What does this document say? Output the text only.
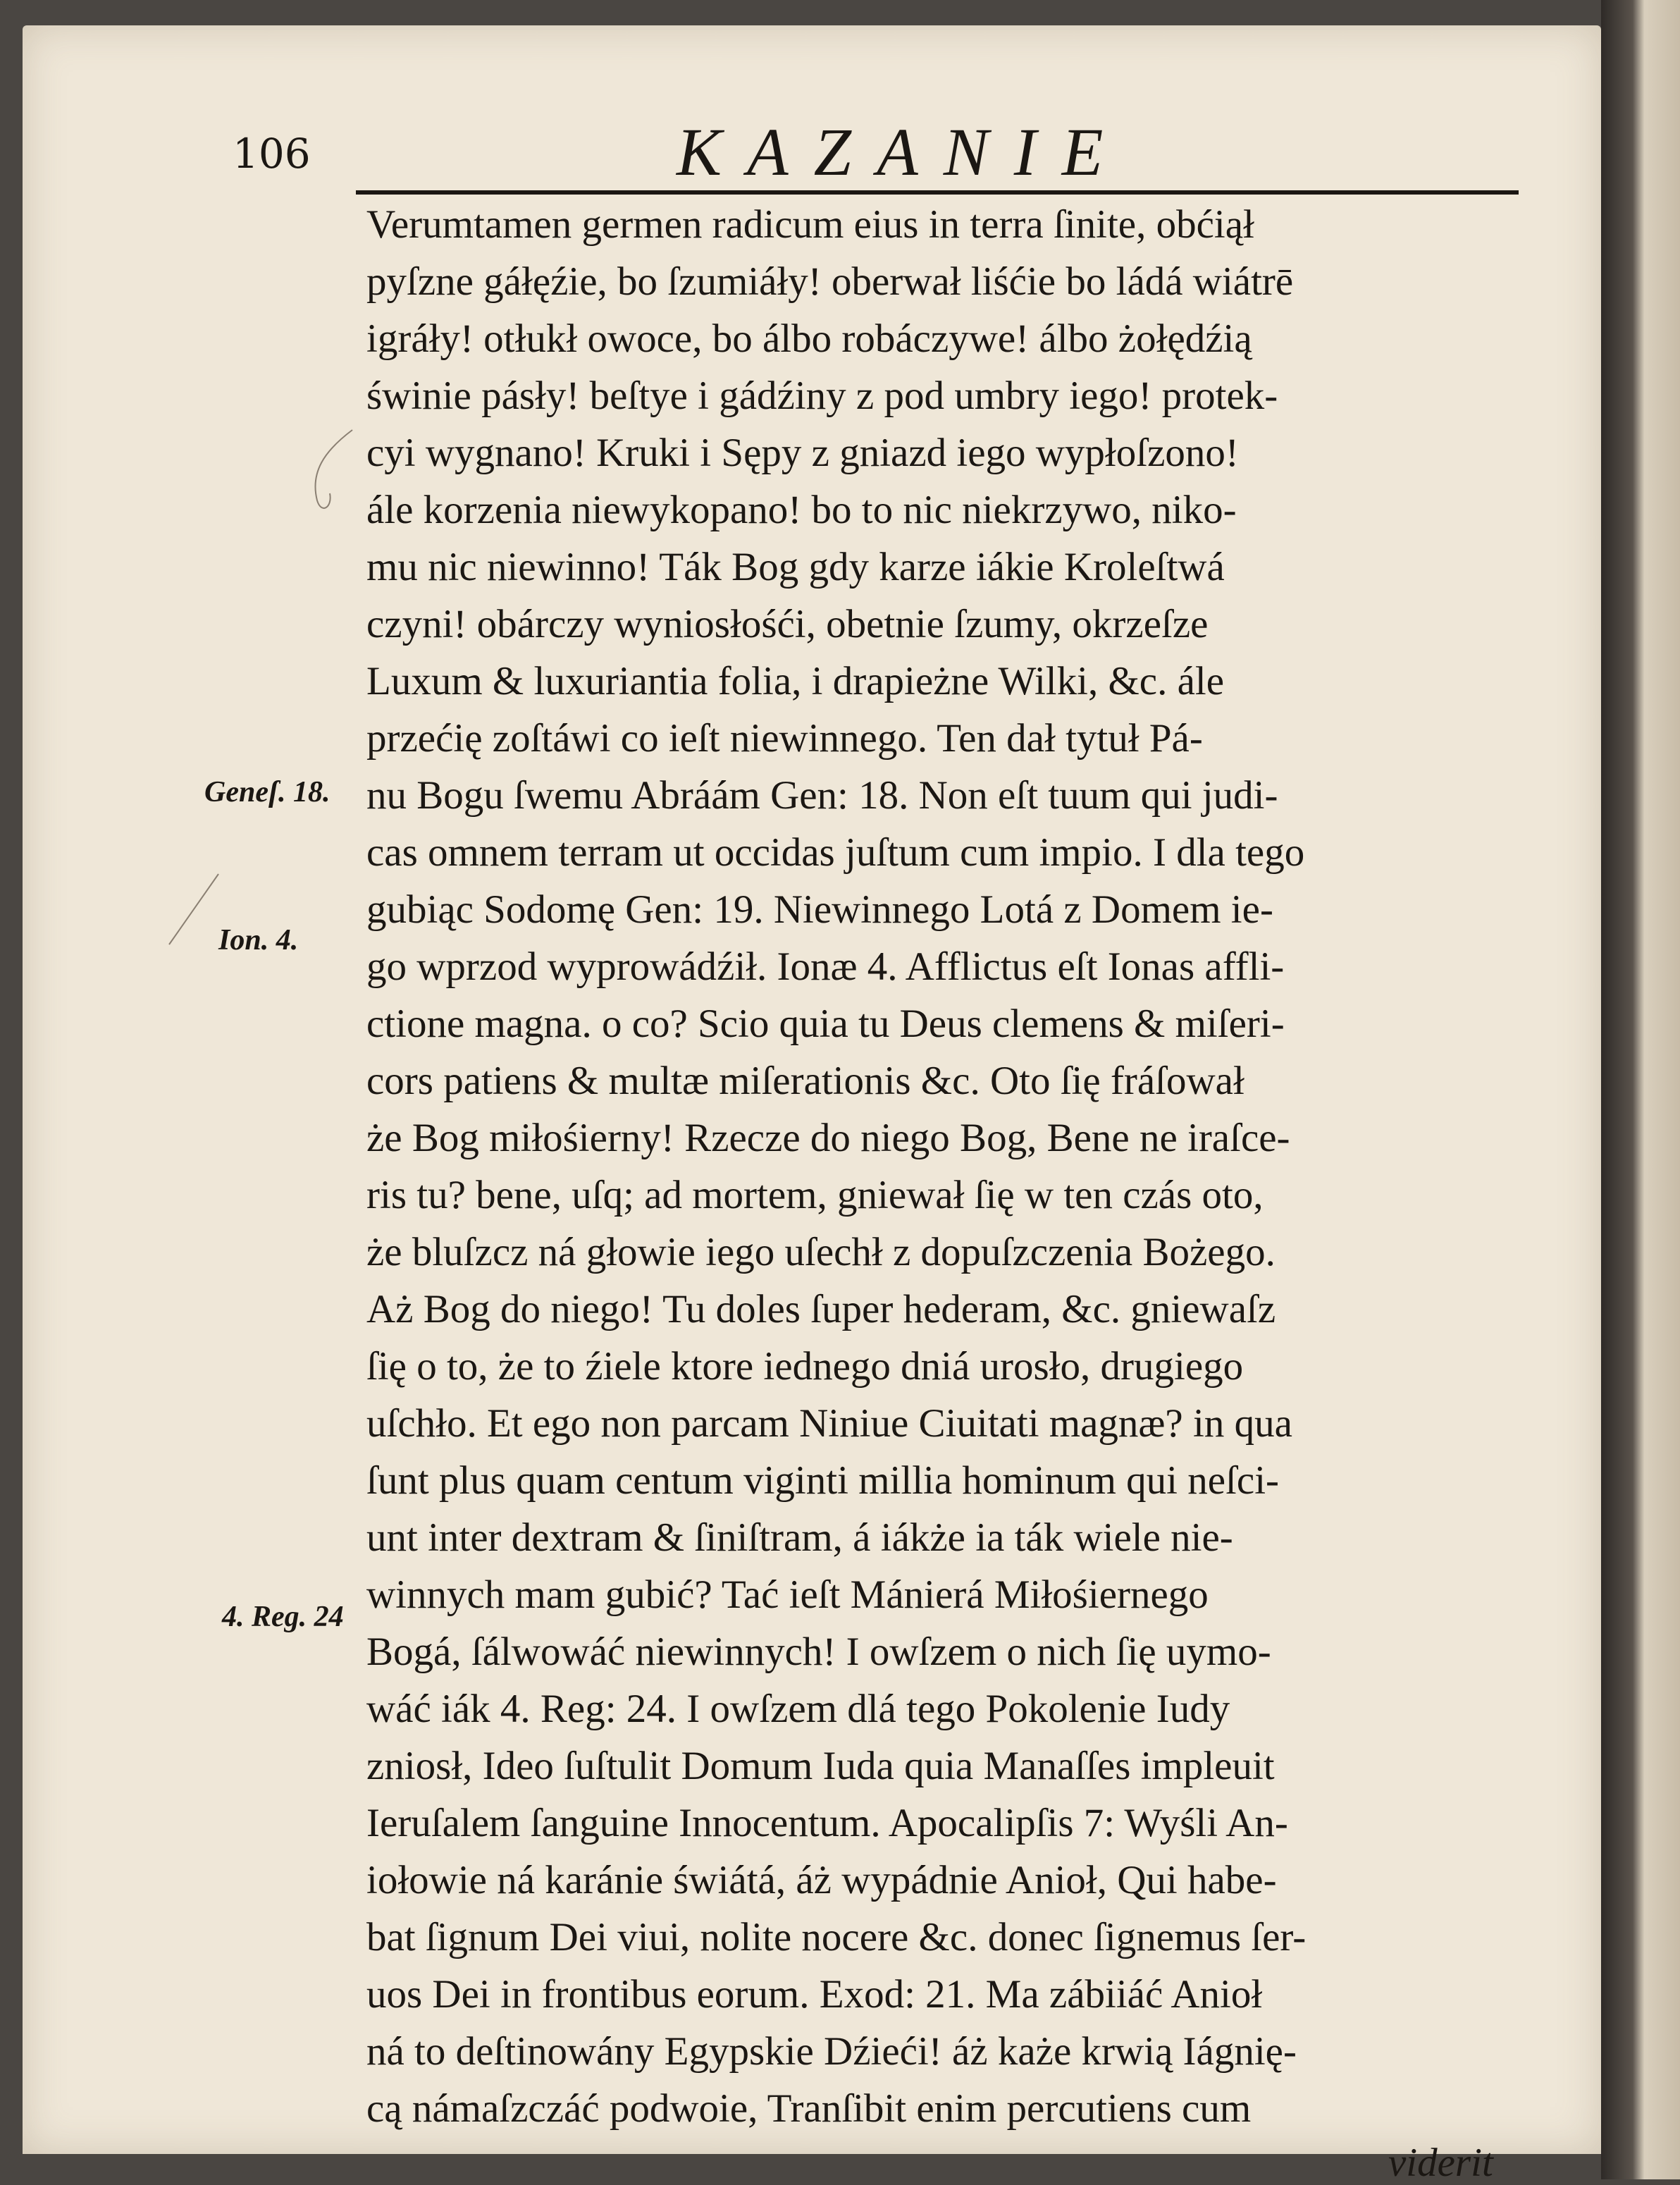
106	KAZANIE
Geneſ. 18.
Ion. 4.
4. Reg. 24
Verumtamen germen radicum eius in terra ſinite, obćiął
pyſzne gáłęźie, bo ſzumiáły! oberwał liśćie bo ládá wiátrē
igráły! otłukł owoce, bo álbo robáczywe! álbo żołędźią
świnie pásły! beſtye i gádźiny z pod umbry iego! protek-
cyi wygnano! Kruki i Sępy z gniazd iego wypłoſzono!
ále korzenia niewykopano! bo to nic niekrzywo, niko-
mu nic niewinno! Ták Bog gdy karze iákie Kroleſtwá
czyni! obárczy wyniosłośći, obetnie ſzumy, okrzeſze
Luxum & luxuriantia folia, i drapieżne Wilki, &c. ále
przećię zoſtáwi co ieſt niewinnego. Ten dał tytuł Pá-
nu Bogu ſwemu Abráám Gen: 18. Non eſt tuum qui judi-
cas omnem terram ut occidas juſtum cum impio. I dla tego
gubiąc Sodomę Gen: 19. Niewinnego Lotá z Domem ie-
go wprzod wyprowádźił. Ionæ 4. Afflictus eſt Ionas affli-
ctione magna. o co? Scio quia tu Deus clemens & miſeri-
cors patiens & multæ miſerationis &c. Oto ſię fráſował
że Bog miłośierny! Rzecze do niego Bog, Bene ne iraſce-
ris tu? bene, uſq; ad mortem, gniewał ſię w ten czás oto,
że bluſzcz ná głowie iego uſechł z dopuſzczenia Bożego.
Aż Bog do niego! Tu doles ſuper hederam, &c. gniewaſz
ſię o to, że to źiele ktore iednego dniá urosło, drugiego
uſchło. Et ego non parcam Niniue Ciuitati magnæ? in qua
ſunt plus quam centum viginti millia hominum qui neſci-
unt inter dextram & ſiniſtram, á iákże ia ták wiele nie-
winnych mam gubić? Tać ieſt Mánierá Miłośiernego
Bogá, ſálwowáć niewinnych! I owſzem o nich ſię uymo-
wáć iák 4. Reg: 24. I owſzem dlá tego Pokolenie Iudy
zniosł, Ideo ſuſtulit Domum Iuda quia Manaſſes impleuit
Ieruſalem ſanguine Innocentum. Apocalipſis 7: Wyśli An-
iołowie ná karánie świátá, áż wypádnie Anioł, Qui habe-
bat ſignum Dei viui, nolite nocere &c. donec ſignemus ſer-
uos Dei in frontibus eorum. Exod: 21. Ma zábiiáć Anioł
ná to deſtinowány Egypskie Dźieći! áż każe krwią Iágnię-
cą námaſzczáć podwoie, Tranſibit enim percutiens cum
viderit
